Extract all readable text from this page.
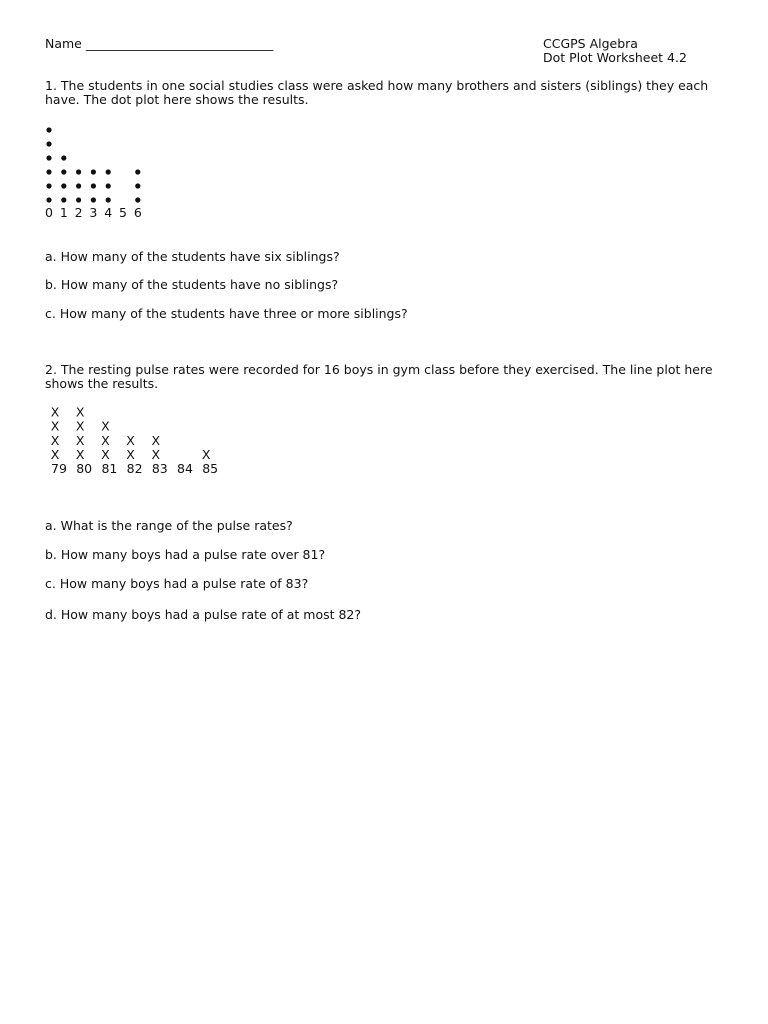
Name ______________________________	CCGPS Algebra
Dot Plot Worksheet 4.2
1. The students in one social studies class were asked how many brothers and sisters (siblings) they each have. The dot plot here shows the results.
0 1 2 3 4 5 6
a. How many of the students have six siblings?
b. How many of the students have no siblings?
c. How many of the students have three or more siblings?
2. The resting pulse rates were recorded for 16 boys in gym class before they exercised. The line plot here shows the results.
79
X
X
X
X
80
X
X
X
X
81
X
X
X
82
X
X
83
X
X
84 85
X
a. What is the range of the pulse rates?
b. How many boys had a pulse rate over 81?
c. How many boys had a pulse rate of 83?
d. How many boys had a pulse rate of at most 82?
